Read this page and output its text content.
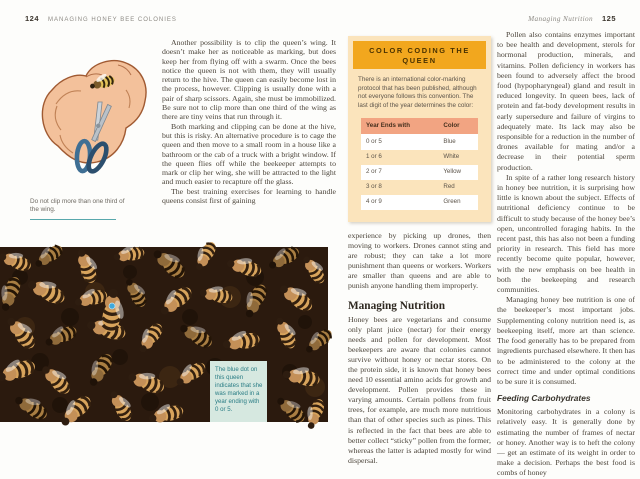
124 MANAGING HONEY BEE COLONIES	Managing Nutrition 125
Do not clip more than one third of the wing.

Another possibility is to clip the queen’s wing. It doesn’t make her as noticeable as marking, but does keep her from flying off with a swarm. Once the bees notice the queen is not with them, they will usually return to the hive. The queen can easily become lost in the process, however. Clipping is usually done with a pair of sharp scissors. Again, she must be immobilized. Be sure not to clip more than one third of the wing as there are tiny veins that run through it.

Both marking and clipping can be done at the hive, but this is risky. An alternative procedure is to cage the queen and then move to a small room in a house like a bathroom or the cab of a truck with a bright window. If the queen flies off while the beekeeper attempts to mark or clip her wing, she will be attracted to the light and much easier to recapture off the glass.

The best training exercises for learning to handle queens consist first of gaining

The blue dot on this queen indicates that she was marked in a year ending with 0 or 5.
COLOR CODING THE QUEEN
There is an international color-marking protocol that has been published, although not everyone follows this convention. The last digit of the year determines the color:
Year Ends with	Color
0 or 5	Blue
1 or 6	White
2 or 7	Yellow
3 or 8	Red
4 or 9	Green

experience by picking up drones, then moving to workers. Drones cannot sting and are robust; they can take a lot more punishment than queens or workers. Workers are smaller than queens and are able to punish anyone handling them improperly.

Managing Nutrition

Honey bees are vegetarians and consume only plant juice (nectar) for their energy needs and pollen for development. Most beekeepers are aware that colonies cannot survive without honey or nectar stores. On the protein side, it is known that honey bees need 10 essential amino acids for growth and development. Pollen provides these in varying amounts. Certain pollens from fruit trees, for example, are much more nutritious than that of other species such as pines. This is reflected in the fact that bees are able to better collect “sticky” pollen from the former, whereas the latter is adapted mostly for wind dispersal.

Pollen also contains enzymes important to bee health and development, sterols for hormonal production, minerals, and vitamins. Pollen deficiency in workers has been found to adversely affect the brood food (hypopharyngeal) gland and result in reduced longevity. In queen bees, lack of protein and fat-body development results in early supersedure and failure of virgins to adequately mate. Its lack may also be responsible for a reduction in the number of drones available for mating and/or a decrease in their potential sperm production.

In spite of a rather long research history in honey bee nutrition, it is surprising how little is known about the subject. Effects of nutritional deficiency continue to be difficult to study because of the honey bee’s open, uncontrolled foraging habits. In the recent past, this has also not been a funding priority in research. This field has more recently become quite popular, however, with the new emphasis on bee health in both the beekeeping and research communities.

Managing honey bee nutrition is one of the beekeeper’s most important jobs. Supplementing colony nutrition need is, as beekeeping itself, more art than science. The food generally has to be prepared from ingredients purchased elsewhere. It then has to be administered to the colony at the correct time and under optimal conditions to be sure it is consumed.

Feeding Carbohydrates

Monitoring carbohydrates in a colony is relatively easy. It is generally done by estimating the number of frames of nectar or honey. Another way is to heft the colony — get an estimate of its weight in order to make a decision. Perhaps the best food is combs of honey
